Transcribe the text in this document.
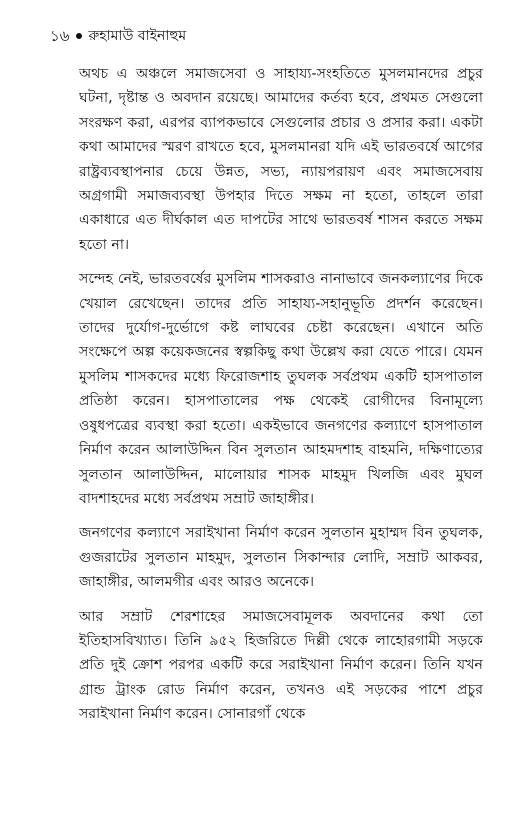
১৬ রুহামাউ বাইনাহুম

অথচ এ অঞ্চলে সমাজসেবা ও সাহায্য-সংহতিতে মুসলমানদের প্রচুর ঘটনা, দৃষ্টান্ত ও অবদান রয়েছে। আমাদের কর্তব্য হবে, প্রথমত সেগুলো সংরক্ষণ করা, এরপর ব্যাপকভাবে সেগুলোর প্রচার ও প্রসার করা। একটা কথা আমাদের স্মরণ রাখতে হবে, মুসলমানরা যদি এই ভারতবর্ষে আগের রাষ্ট্রব্যবস্থাপনার চেয়ে উন্নত, সভ্য, ন্যায়পরায়ণ এবং সমাজসেবায় অগ্রগামী সমাজব্যবস্থা উপহার দিতে সক্ষম না হতো, তাহলে তারা একাধারে এত দীর্ঘকাল এত দাপটের সাথে ভারতবর্ষ শাসন করতে সক্ষম হতো না।

সন্দেহ নেই, ভারতবর্ষের মুসলিম শাসকরাও নানাভাবে জনকল্যাণের দিকে খেয়াল রেখেছেন। তাদের প্রতি সাহায্য-সহানুভূতি প্রদর্শন করেছেন। তাদের দুর্যোগ-দুর্ভোগে কষ্ট লাঘবের চেষ্টা করেছেন। এখানে অতি সংক্ষেপে অল্প কয়েকজনের স্বল্পকিছু কথা উল্লেখ করা যেতে পারে। যেমন মুসলিম শাসকদের মধ্যে ফিরোজশাহ তুঘলক সর্বপ্রথম একটি হাসপাতাল প্রতিষ্ঠা করেন। হাসপাতালের পক্ষ থেকেই রোগীদের বিনামূল্যে ওষুধপত্রের ব্যবস্থা করা হতো। একইভাবে জনগণের কল্যাণে হাসপাতাল নির্মাণ করেন আলাউদ্দিন বিন সুলতান আহমদশাহ বাহমনি, দক্ষিণাত্যের সুলতান আলাউদ্দিন, মালোয়ার শাসক মাহমুদ খিলজি এবং মুঘল বাদশাহদের মধ্যে সর্বপ্রথম সম্রাট জাহাঙ্গীর।

জনগণের কল্যাণে সরাইখানা নির্মাণ করেন সুলতান মুহাম্মদ বিন তুঘলক, গুজরাটের সুলতান মাহমুদ, সুলতান সিকান্দার লোদি, সম্রাট আকবর, জাহাঙ্গীর, আলমগীর এবং আরও অনেকে।

আর সম্রাট শেরশাহের সমাজসেবামূলক অবদানের কথা তো ইতিহাসবিখ্যাত। তিনি ৯৫২ হিজরিতে দিল্লী থেকে লাহোরগামী সড়কে প্রতি দুই ক্রোশ পরপর একটি করে সরাইখানা নির্মাণ করেন। তিনি যখন গ্রান্ড ট্রাংক রোড নির্মাণ করেন, তখনও এই সড়কের পাশে প্রচুর সরাইখানা নির্মাণ করেন। সোনারগাঁ থেকে
